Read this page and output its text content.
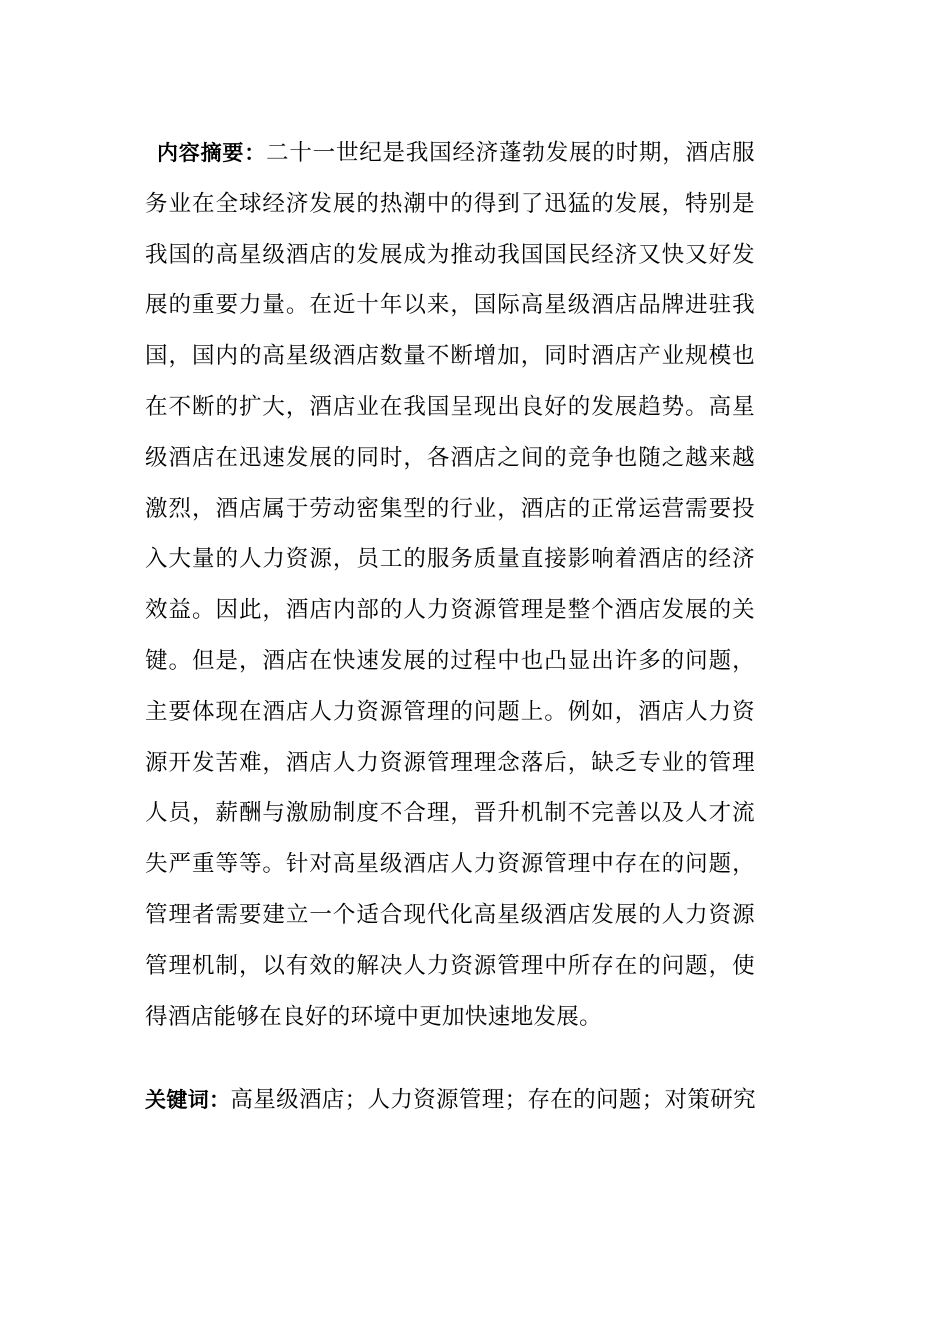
内容摘要：二十一世纪是我国经济蓬勃发展的时期，酒店服务业在全球经济发展的热潮中的得到了迅猛的发展，特别是我国的高星级酒店的发展成为推动我国国民经济又快又好发展的重要力量。在近十年以来，国际高星级酒店品牌进驻我国，国内的高星级酒店数量不断增加，同时酒店产业规模也在不断的扩大，酒店业在我国呈现出良好的发展趋势。高星级酒店在迅速发展的同时，各酒店之间的竞争也随之越来越激烈，酒店属于劳动密集型的行业，酒店的正常运营需要投入大量的人力资源，员工的服务质量直接影响着酒店的经济效益。因此，酒店内部的人力资源管理是整个酒店发展的关键。但是，酒店在快速发展的过程中也凸显出许多的问题，主要体现在酒店人力资源管理的问题上。例如，酒店人力资源开发苦难，酒店人力资源管理理念落后，缺乏专业的管理人员，薪酬与激励制度不合理，晋升机制不完善以及人才流失严重等等。针对高星级酒店人力资源管理中存在的问题，管理者需要建立一个适合现代化高星级酒店发展的人力资源管理机制，以有效的解决人力资源管理中所存在的问题，使得酒店能够在良好的环境中更加快速地发展。

关键词：高星级酒店；人力资源管理；存在的问题；对策研究
